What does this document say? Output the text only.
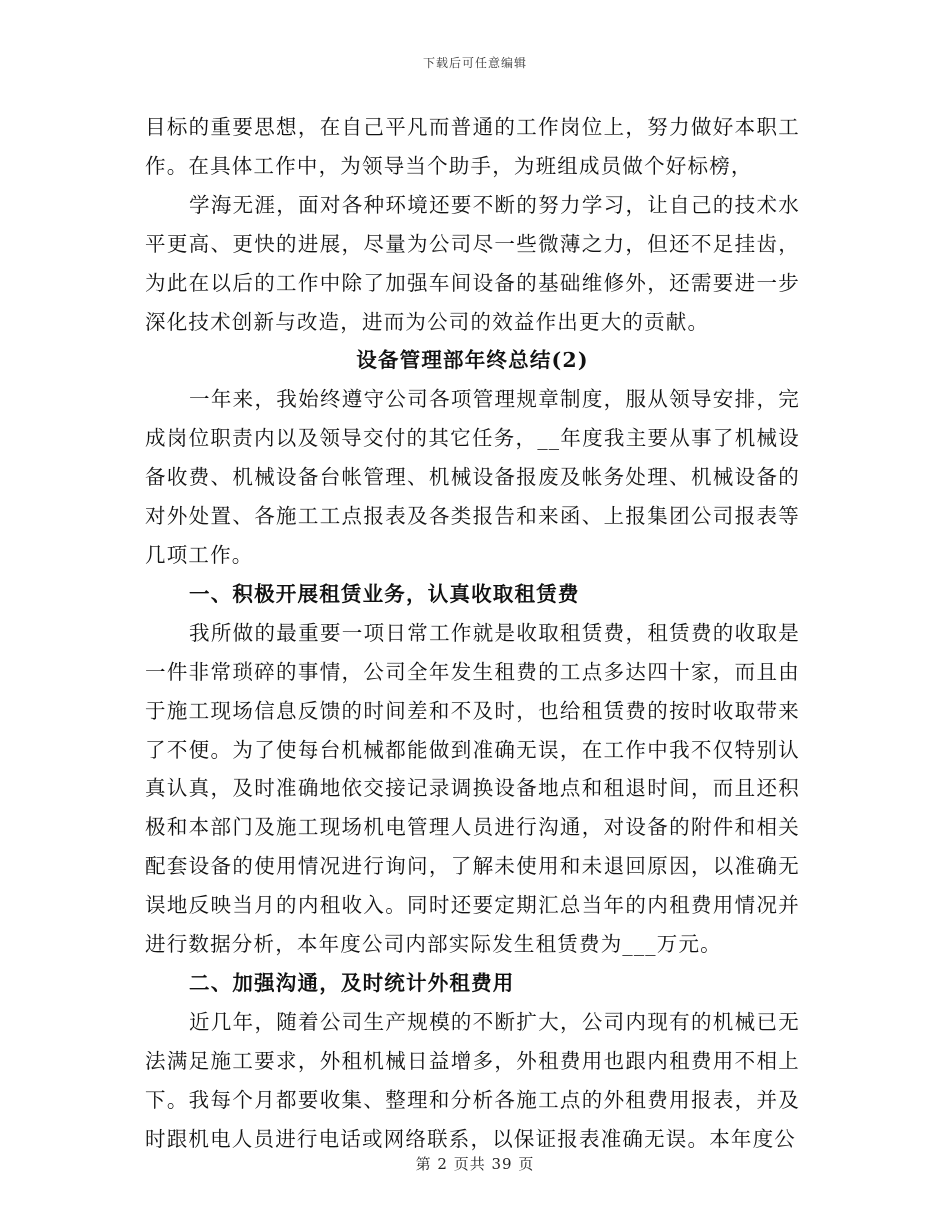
下载后可任意编辑

目标的重要思想，在自己平凡而普通的工作岗位上，努力做好本职工作。在具体工作中，为领导当个助手，为班组成员做个好标榜，

学海无涯，面对各种环境还要不断的努力学习，让自己的技术水平更高、更快的进展，尽量为公司尽一些微薄之力，但还不足挂齿，为此在以后的工作中除了加强车间设备的基础维修外，还需要进一步深化技术创新与改造，进而为公司的效益作出更大的贡献。

设备管理部年终总结(2)

一年来，我始终遵守公司各项管理规章制度，服从领导安排，完成岗位职责内以及领导交付的其它任务，__年度我主要从事了机械设备收费、机械设备台帐管理、机械设备报废及帐务处理、机械设备的对外处置、各施工工点报表及各类报告和来函、上报集团公司报表等几项工作。

一、积极开展租赁业务，认真收取租赁费

我所做的最重要一项日常工作就是收取租赁费，租赁费的收取是一件非常琐碎的事情，公司全年发生租费的工点多达四十家，而且由于施工现场信息反馈的时间差和不及时，也给租赁费的按时收取带来了不便。为了使每台机械都能做到准确无误，在工作中我不仅特别认真认真，及时准确地依交接记录调换设备地点和租退时间，而且还积极和本部门及施工现场机电管理人员进行沟通，对设备的附件和相关配套设备的使用情况进行询问，了解未使用和未退回原因，以准确无误地反映当月的内租收入。同时还要定期汇总当年的内租费用情况并进行数据分析，本年度公司内部实际发生租赁费为___万元。

二、加强沟通，及时统计外租费用

近几年，随着公司生产规模的不断扩大，公司内现有的机械已无法满足施工要求，外租机械日益增多，外租费用也跟内租费用不相上下。我每个月都要收集、整理和分析各施工点的外租费用报表，并及时跟机电人员进行电话或网络联系，以保证报表准确无误。本年度公

第 2 页共 39 页
